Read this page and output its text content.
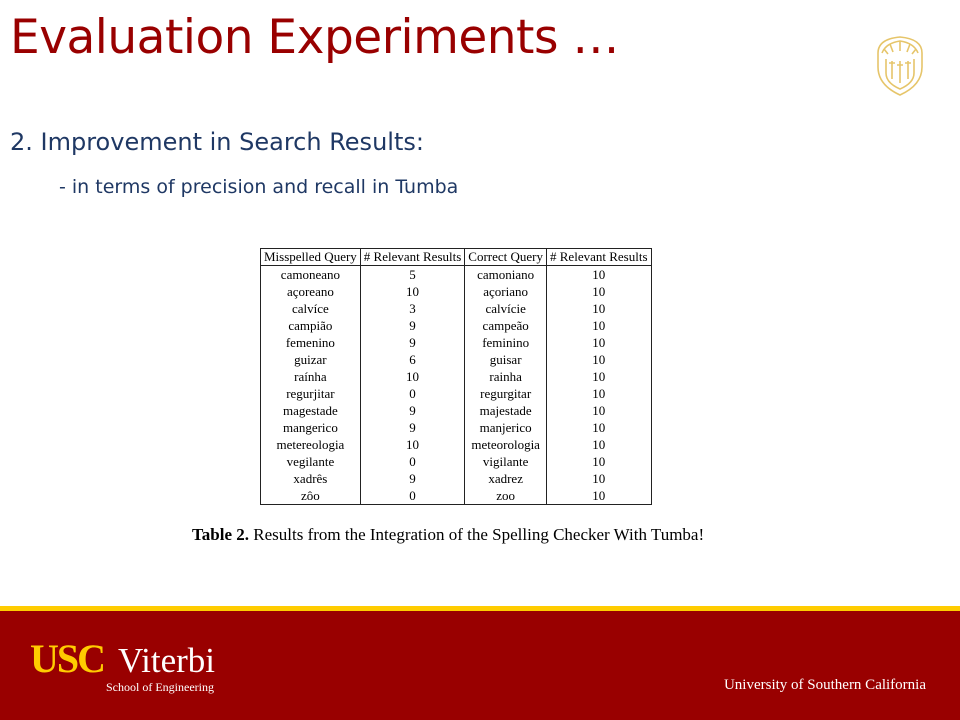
Evaluation Experiments …
2. Improvement in Search Results:
- in terms of precision and recall in Tumba
Misspelled Query	# Relevant Results	Correct Query	# Relevant Results
camoneano	5	camoniano	10
açoreano	10	açoriano	10
calvíce	3	calvície	10
campião	9	campeão	10
femenino	9	feminino	10
guizar	6	guisar	10
raínha	10	rainha	10
regurjitar	0	regurgitar	10
magestade	9	majestade	10
mangerico	9	manjerico	10
metereologia	10	meteorologia	10
vegilante	0	vigilante	10
xadrês	9	xadrez	10
zôo	0	zoo	10
Table 2. Results from the Integration of the Spelling Checker With Tumba!
USC Viterbi
School of Engineering	University of Southern California
